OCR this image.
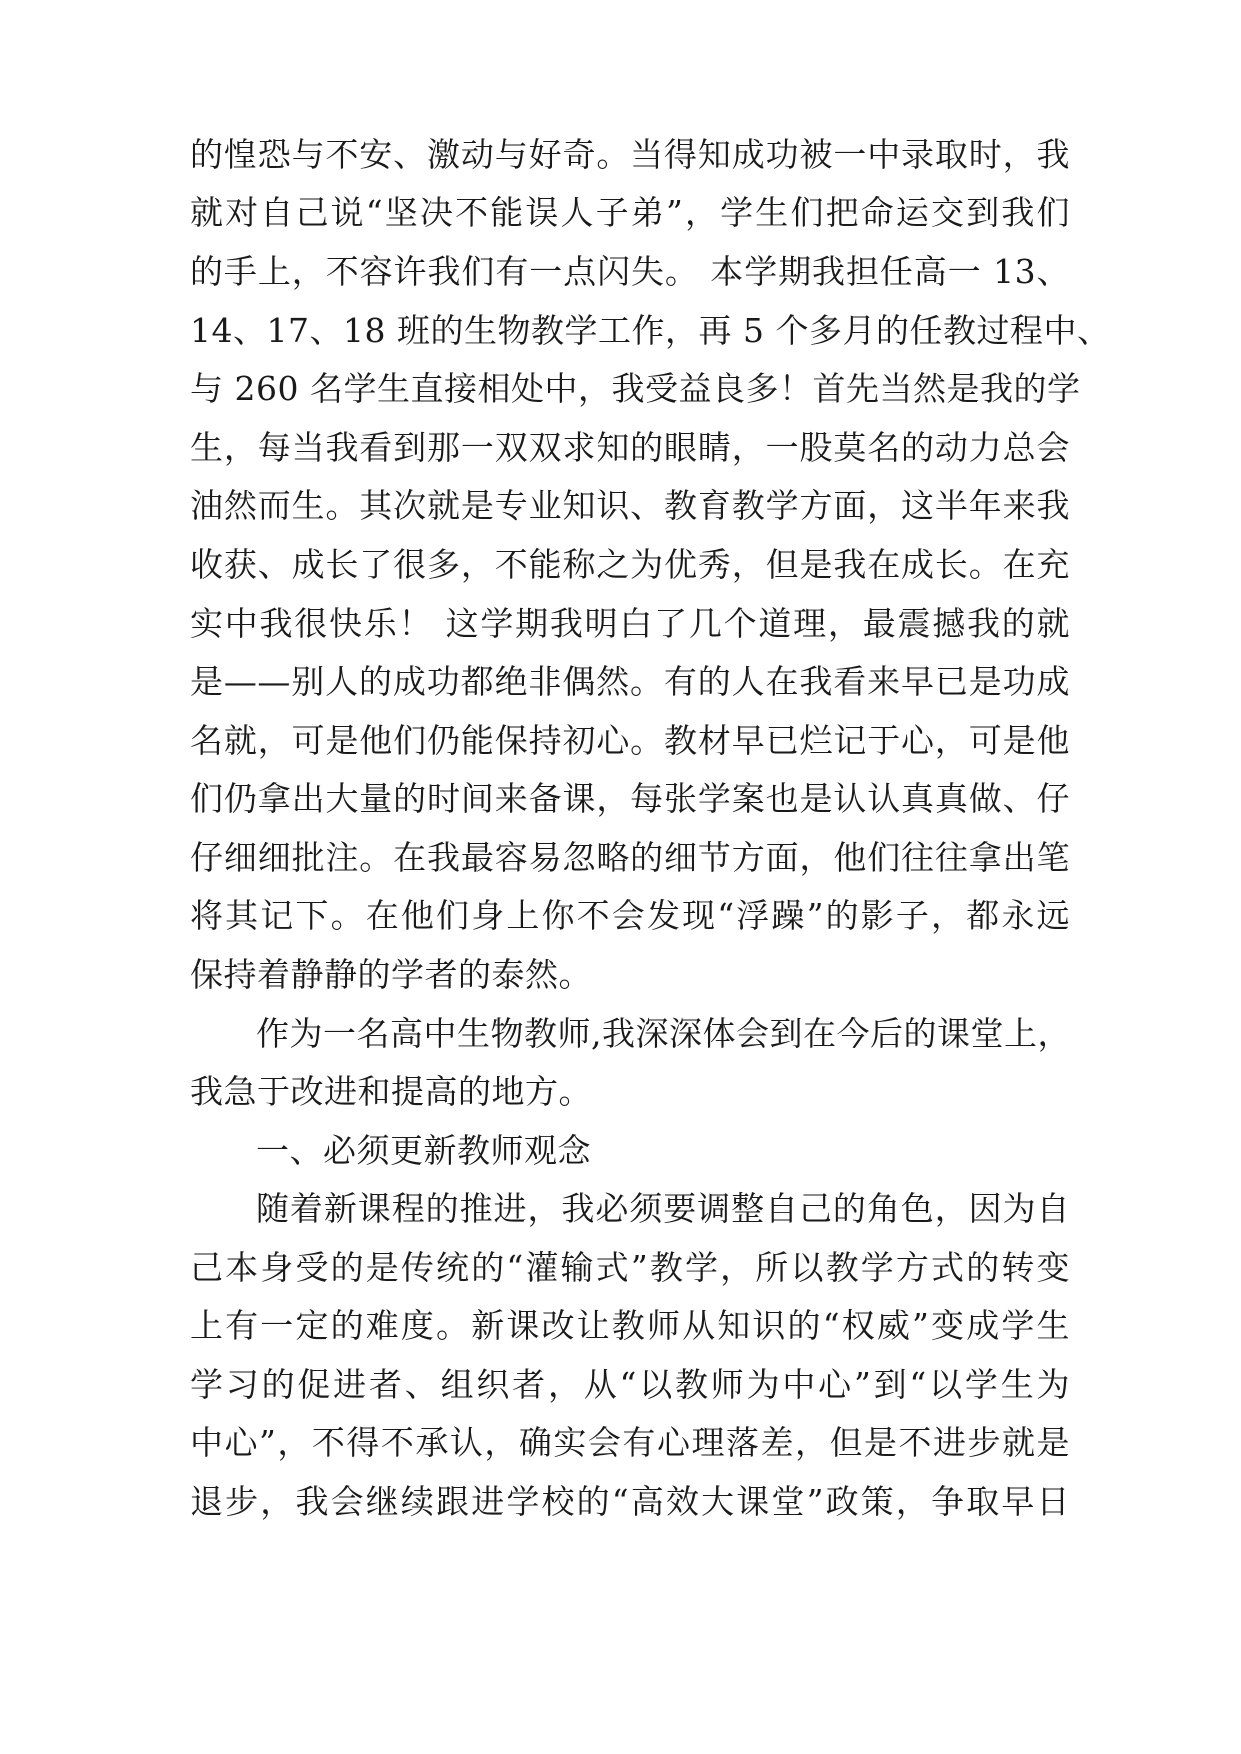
的惶恐与不安、激动与好奇。当得知成功被一中录取时，我
就对自己说“坚决不能误人子弟”，学生们把命运交到我们
的手上，不容许我们有一点闪失。 本学期我担任高一 13、
14、17、18 班的生物教学工作，再 5 个多月的任教过程中、
与 260 名学生直接相处中，我受益良多！首先当然是我的学
生，每当我看到那一双双求知的眼睛，一股莫名的动力总会
油然而生。其次就是专业知识、教育教学方面，这半年来我
收获、成长了很多，不能称之为优秀，但是我在成长。在充
实中我很快乐！ 这学期我明白了几个道理，最震撼我的就
是——别人的成功都绝非偶然。有的人在我看来早已是功成
名就，可是他们仍能保持初心。教材早已烂记于心，可是他
们仍拿出大量的时间来备课，每张学案也是认认真真做、仔
仔细细批注。在我最容易忽略的细节方面，他们往往拿出笔
将其记下。在他们身上你不会发现“浮躁”的影子，都永远
保持着静静的学者的泰然。
作为一名高中生物教师,我深深体会到在今后的课堂上，
我急于改进和提高的地方。
一、必须更新教师观念
随着新课程的推进，我必须要调整自己的角色，因为自
己本身受的是传统的“灌输式”教学，所以教学方式的转变
上有一定的难度。新课改让教师从知识的“权威”变成学生
学习的促进者、组织者，从“以教师为中心”到“以学生为
中心”，不得不承认，确实会有心理落差，但是不进步就是
退步，我会继续跟进学校的“高效大课堂”政策，争取早日
